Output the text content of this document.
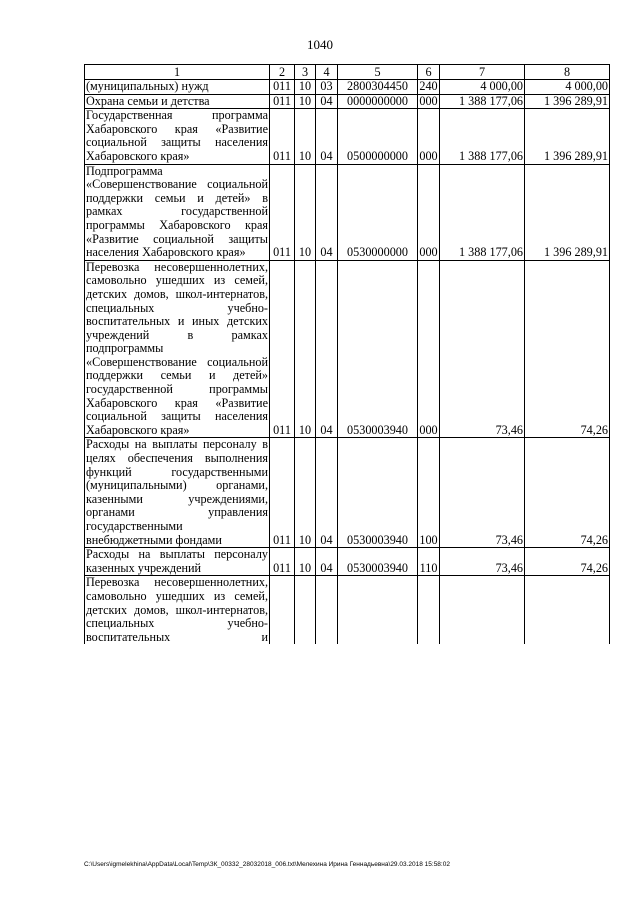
1040
1	2	3	4	5	6	7	8
(муниципальных) нужд	011	10	03	2800304450	240	4 000,00	4 000,00
Охрана семьи и детства	011	10	04	0000000000	000	1 388 177,06	1 396 289,91
Государственная программа Хабаровского края «Развитие социальной защиты населения Хабаровского края»	011	10	04	0500000000	000	1 388 177,06	1 396 289,91
Подпрограмма «Совершенствование социальной поддержки семьи и детей» в рамках государственной программы Хабаровского края «Развитие социальной защиты населения Хабаровского края»	011	10	04	0530000000	000	1 388 177,06	1 396 289,91
Перевозка несовершеннолетних, самовольно ушедших из семей, детских домов, школ-интернатов, специальных учебно-воспитательных и иных детских учреждений в рамках подпрограммы «Совершенствование социальной поддержки семьи и детей» государственной программы Хабаровского края «Развитие социальной защиты населения Хабаровского края»	011	10	04	0530003940	000	73,46	74,26
Расходы на выплаты персоналу в целях обеспечения выполнения функций государственными (муниципальными) органами, казенными учреждениями, органами управления государственными внебюджетными фондами	011	10	04	0530003940	100	73,46	74,26
Расходы на выплаты персоналу казенных учреждений	011	10	04	0530003940	110	73,46	74,26
Перевозка несовершеннолетних, самовольно ушедших из семей, детских домов, школ-интернатов, специальных учебно-воспитательных и							
C:\Users\igmelekhina\AppData\Local\Temp\ЗК_00332_28032018_006.txt\Мелехина Ирина Геннадьевна\29.03.2018 15:58:02
